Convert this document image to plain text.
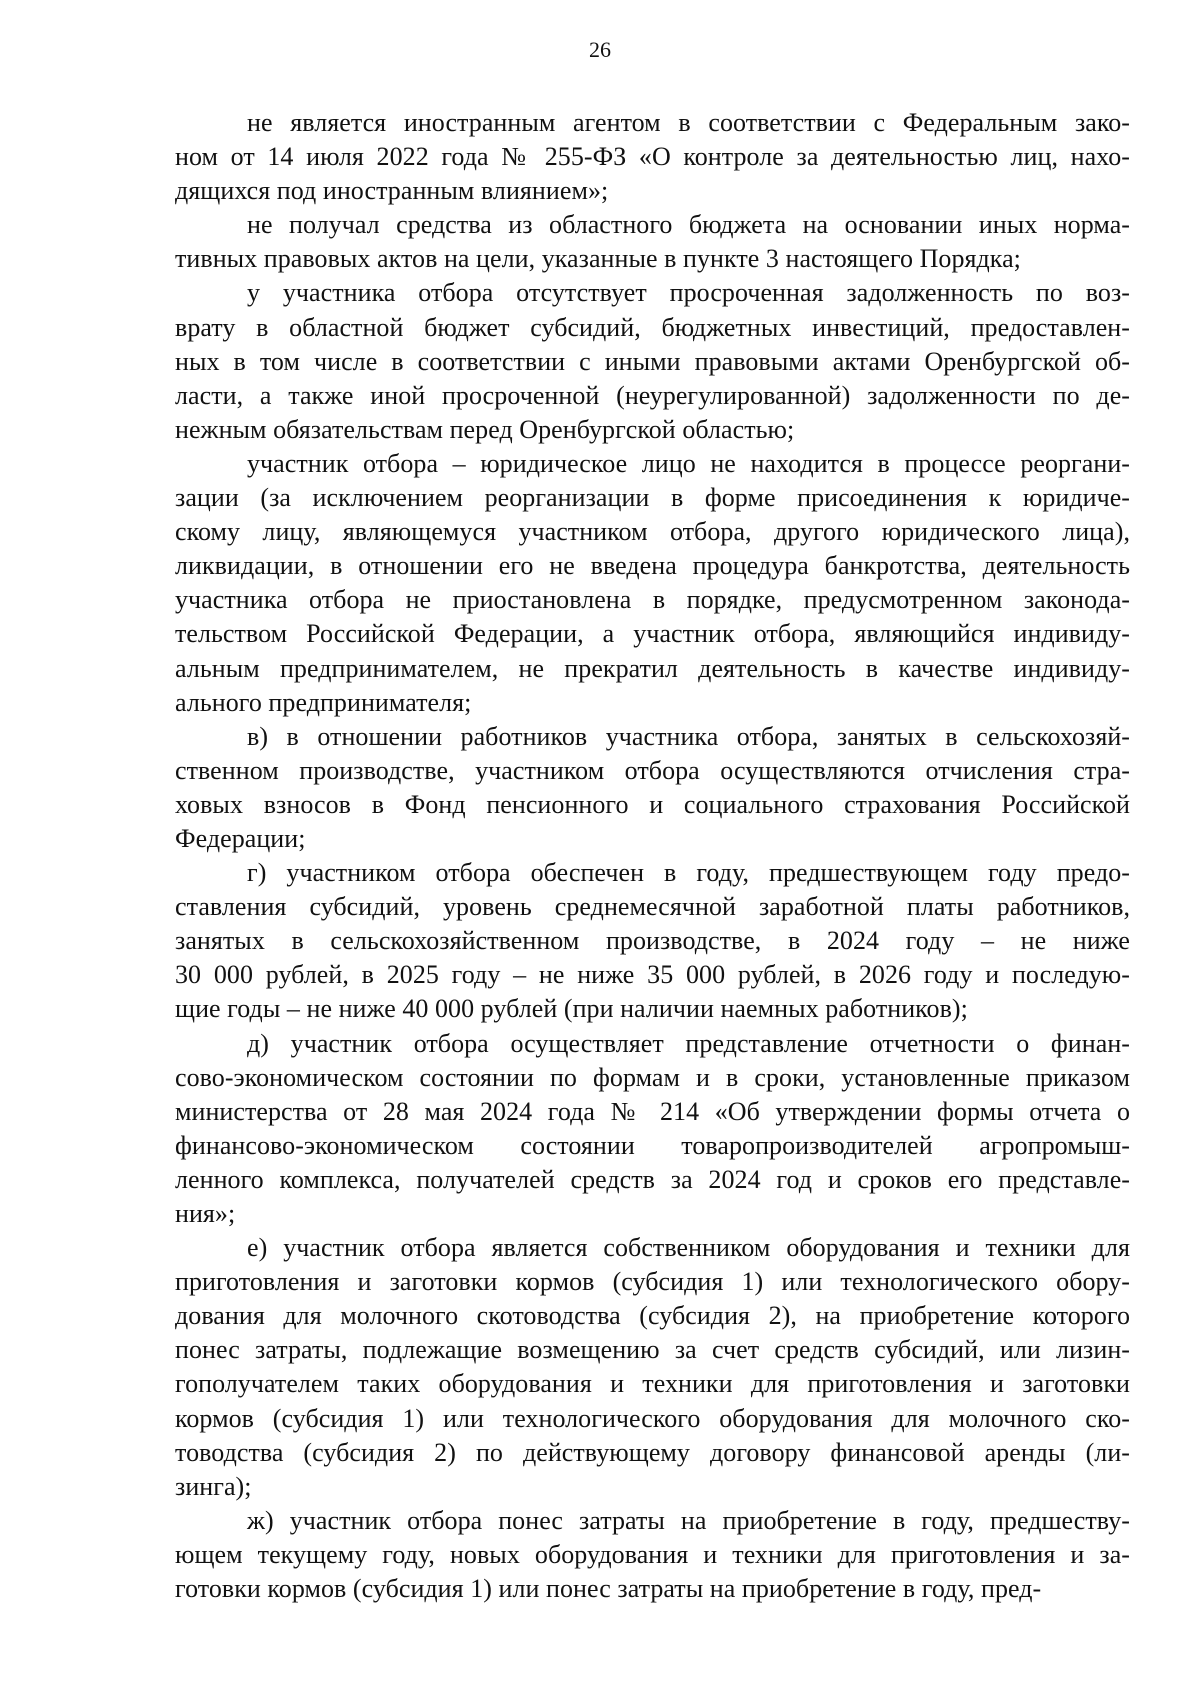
26

не является иностранным агентом в соответствии с Федеральным зако-
ном от 14 июля 2022 года № 255-ФЗ «О контроле за деятельностью лиц, нахо-
дящихся под иностранным влиянием»;

не получал средства из областного бюджета на основании иных норма-
тивных правовых актов на цели, указанные в пункте 3 настоящего Порядка;

у участника отбора отсутствует просроченная задолженность по воз-
врату в областной бюджет субсидий, бюджетных инвестиций, предоставлен-
ных в том числе в соответствии с иными правовыми актами Оренбургской об-
ласти, а также иной просроченной (неурегулированной) задолженности по де-
нежным обязательствам перед Оренбургской областью;

участник отбора – юридическое лицо не находится в процессе реоргани-
зации (за исключением реорганизации в форме присоединения к юридиче-
скому лицу, являющемуся участником отбора, другого юридического лица),
ликвидации, в отношении его не введена процедура банкротства, деятельность
участника отбора не приостановлена в порядке, предусмотренном законода-
тельством Российской Федерации, а участник отбора, являющийся индивиду-
альным предпринимателем, не прекратил деятельность в качестве индивиду-
ального предпринимателя;

в) в отношении работников участника отбора, занятых в сельскохозяй-
ственном производстве, участником отбора осуществляются отчисления стра-
ховых взносов в Фонд пенсионного и социального страхования Российской
Федерации;

г) участником отбора обеспечен в году, предшествующем году предо-
ставления субсидий, уровень среднемесячной заработной платы работников,
занятых в сельскохозяйственном производстве, в 2024 году – не ниже
30 000 рублей, в 2025 году – не ниже 35 000 рублей, в 2026 году и последую-
щие годы – не ниже 40 000 рублей (при наличии наемных работников);

д) участник отбора осуществляет представление отчетности о финан-
сово-экономическом состоянии по формам и в сроки, установленные приказом
министерства от 28 мая 2024 года № 214 «Об утверждении формы отчета о
финансово-экономическом состоянии товаропроизводителей агропромыш-
ленного комплекса, получателей средств за 2024 год и сроков его представле-
ния»;

е) участник отбора является собственником оборудования и техники для
приготовления и заготовки кормов (субсидия 1) или технологического обору-
дования для молочного скотоводства (субсидия 2), на приобретение которого
понес затраты, подлежащие возмещению за счет средств субсидий, или лизин-
гополучателем таких оборудования и техники для приготовления и заготовки
кормов (субсидия 1) или технологического оборудования для молочного ско-
товодства (субсидия 2) по действующему договору финансовой аренды (ли-
зинга);

ж) участник отбора понес затраты на приобретение в году, предшеству-
ющем текущему году, новых оборудования и техники для приготовления и за-
готовки кормов (субсидия 1) или понес затраты на приобретение в году, пред-
